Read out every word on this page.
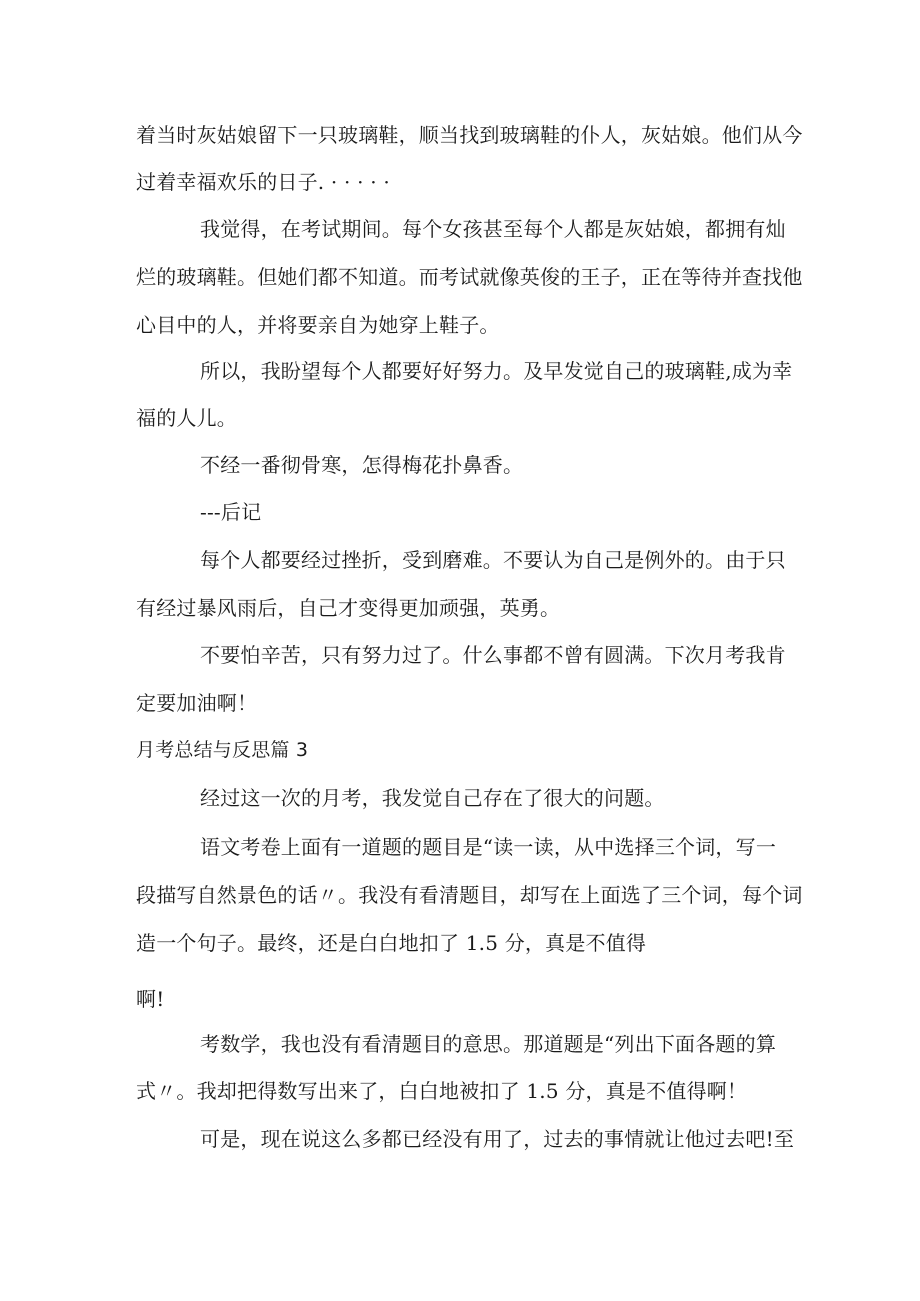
着当时灰姑娘留下一只玻璃鞋，顺当找到玻璃鞋的仆人，灰姑娘。他们从今
过着幸福欢乐的日子. · · · · ·
我觉得，在考试期间。每个女孩甚至每个人都是灰姑娘，都拥有灿
烂的玻璃鞋。但她们都不知道。而考试就像英俊的王子，正在等待并查找他
心目中的人，并将要亲自为她穿上鞋子。
所以，我盼望每个人都要好好努力。及早发觉自己的玻璃鞋,成为幸
福的人儿。
不经一番彻骨寒，怎得梅花扑鼻香。
---后记
每个人都要经过挫折，受到磨难。不要认为自己是例外的。由于只
有经过暴风雨后，自己才变得更加顽强，英勇。
不要怕辛苦，只有努力过了。什么事都不曾有圆满。下次月考我肯
定要加油啊！
月考总结与反思篇 3
经过这一次的月考，我发觉自己存在了很大的问题。
语文考卷上面有一道题的题目是“读一读，从中选择三个词，写一
段描写自然景色的话〃。我没有看清题目，却写在上面选了三个词，每个词
造一个句子。最终，还是白白地扣了 1.5 分，真是不值得
啊!
考数学，我也没有看清题目的意思。那道题是“列出下面各题的算
式〃。我却把得数写出来了，白白地被扣了 1.5 分，真是不值得啊！
可是，现在说这么多都已经没有用了，过去的事情就让他过去吧!至
